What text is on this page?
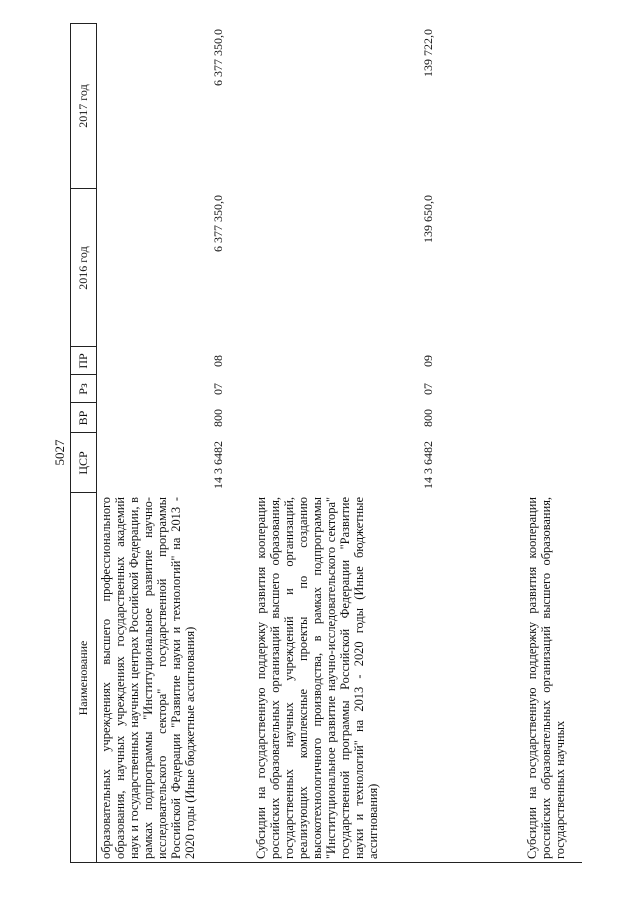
5027
Наименование
ЦСР
ВР
Рз
ПР
2016 год
2017 год
образовательных учреждениях высшего профессионального образования, научных учреждениях государственных академий наук и государственных научных центрах Российской Федерации, в рамках подпрограммы "Институциональное развитие научно-исследовательского сектора" государственной программы Российской Федерации "Развитие науки и технологий" на 2013 - 2020 годы (Иные бюджетные ассигнования)
14 3 6482
800
07
08
6 377 350,0
6 377 350,0
Субсидии на государственную поддержку развития кооперации российских образовательных организаций высшего образования, государственных научных учреждений и организаций, реализующих комплексные проекты по созданию высокотехнологичного производства, в рамках подпрограммы "Институциональное развитие научно-исследовательского сектора" государственной программы Российской Федерации "Развитие науки и технологий" на 2013 - 2020 годы (Иные бюджетные ассигнования)
14 3 6482
800
07
09
139 650,0
139 722,0
Субсидии на государственную поддержку развития кооперации российских образовательных организаций высшего образования, государственных научных
